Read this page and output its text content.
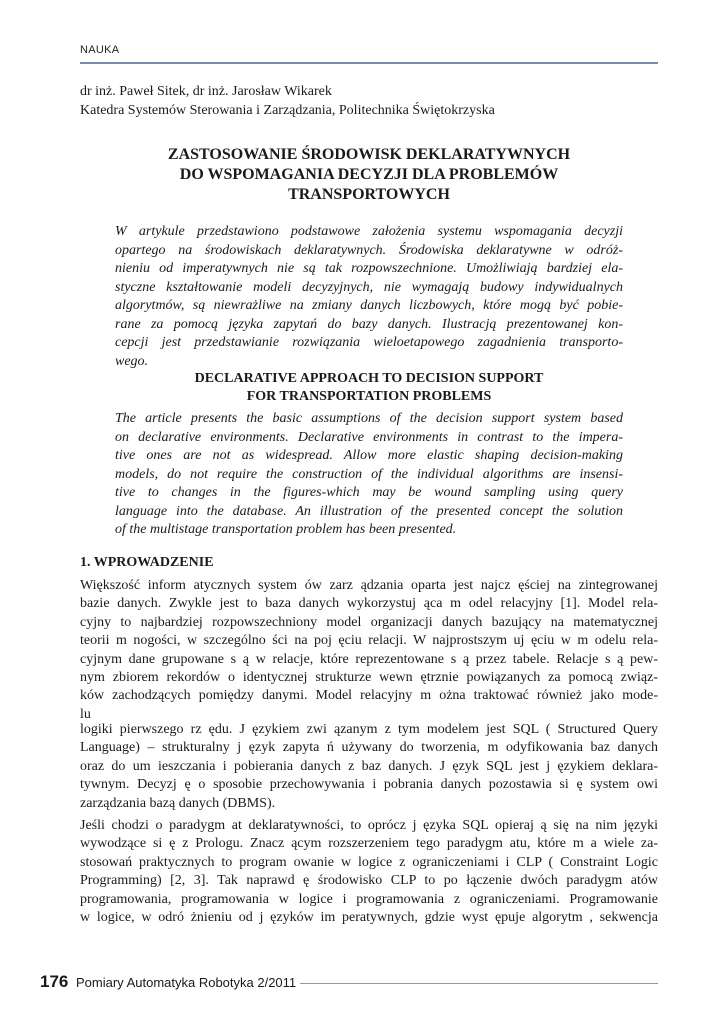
NAUKA
dr inż. Paweł Sitek, dr inż. Jarosław Wikarek
Katedra Systemów Sterowania i Zarządzania, Politechnika Świętokrzyska
ZASTOSOWANIE ŚRODOWISK DEKLARATYWNYCH
DO WSPOMAGANIA DECYZJI DLA PROBLEMÓW
TRANSPORTOWYCH
W artykule przedstawiono podstawowe założenia systemu wspomagania decyzji
opartego na środowiskach deklaratywnych. Środowiska deklaratywne w odróż-
nieniu od imperatywnych nie są tak rozpowszechnione. Umożliwiają bardziej ela-
styczne kształtowanie modeli decyzyjnych, nie wymagają budowy indywidualnych
algorytmów, są niewrażliwe na zmiany danych liczbowych, które mogą być pobie-
rane za pomocą języka zapytań do bazy danych. Ilustracją prezentowanej kon-
cepcji jest przedstawianie rozwiązania wieloetapowego zagadnienia transporto-
wego.
DECLARATIVE APPROACH TO DECISION SUPPORT
FOR TRANSPORTATION PROBLEMS
The article presents the basic assumptions of the decision support system based
on declarative environments. Declarative environments in contrast to the impera-
tive ones are not as widespread. Allow more elastic shaping decision-making
models, do not require the construction of the individual algorithms are insensi-
tive to changes in the figures-which may be wound sampling using query
language into the database. An illustration of the presented concept the solution
of the multistage transportation problem has been presented.
1. WPROWADZENIE
Większość inform atycznych system ów zarz ądzania oparta jest najcz ęściej na zintegrowanej
bazie danych. Zwykle jest to baza danych wykorzystuj ąca m odel relacyjny [1]. Model rela-
cyjny to najbardziej rozpowszechniony model organizacji danych bazujący na matematycznej
teorii m nogości, w szczególno ści na poj ęciu relacji. W najprostszym uj ęciu w m odelu rela-
cyjnym dane grupowane s ą w relacje, które reprezentowane s ą przez tabele. Relacje s ą pew-
nym zbiorem rekordów o identycznej strukturze wewn ętrznie powiązanych za pomocą związ-
ków zachodzących pomiędzy danymi. Model relacyjny m ożna traktować również jako mode-
lu
logiki pierwszego rz ędu. J ęzykiem zwi ązanym z tym modelem jest SQL ( Structured Query
Language) – strukturalny j ęzyk zapyta ń używany do tworzenia, m odyfikowania baz danych
oraz do um ieszczania i pobierania danych z baz danych. J ęzyk SQL jest j ęzykiem deklara-
tywnym. Decyzj ę o sposobie przechowywania i pobrania danych pozostawia si ę system owi
zarządzania bazą danych (DBMS).
Jeśli chodzi o paradygm at deklaratywności, to oprócz j ęzyka SQL opieraj ą się na nim języki
wywodzące si ę z Prologu. Znacz ącym rozszerzeniem tego paradygm atu, które m a wiele za-
stosowań praktycznych to program owanie w logice z ograniczeniami i CLP ( Constraint Logic
Programming) [2, 3]. Tak naprawd ę środowisko CLP to po łączenie dwóch paradygm atów
programowania, programowania w logice i programowania z ograniczeniami. Programowanie
w logice, w odró żnieniu od j ęzyków im peratywnych, gdzie wyst ępuje algorytm , sekwencja
176 Pomiary Automatyka Robotyka 2/2011
